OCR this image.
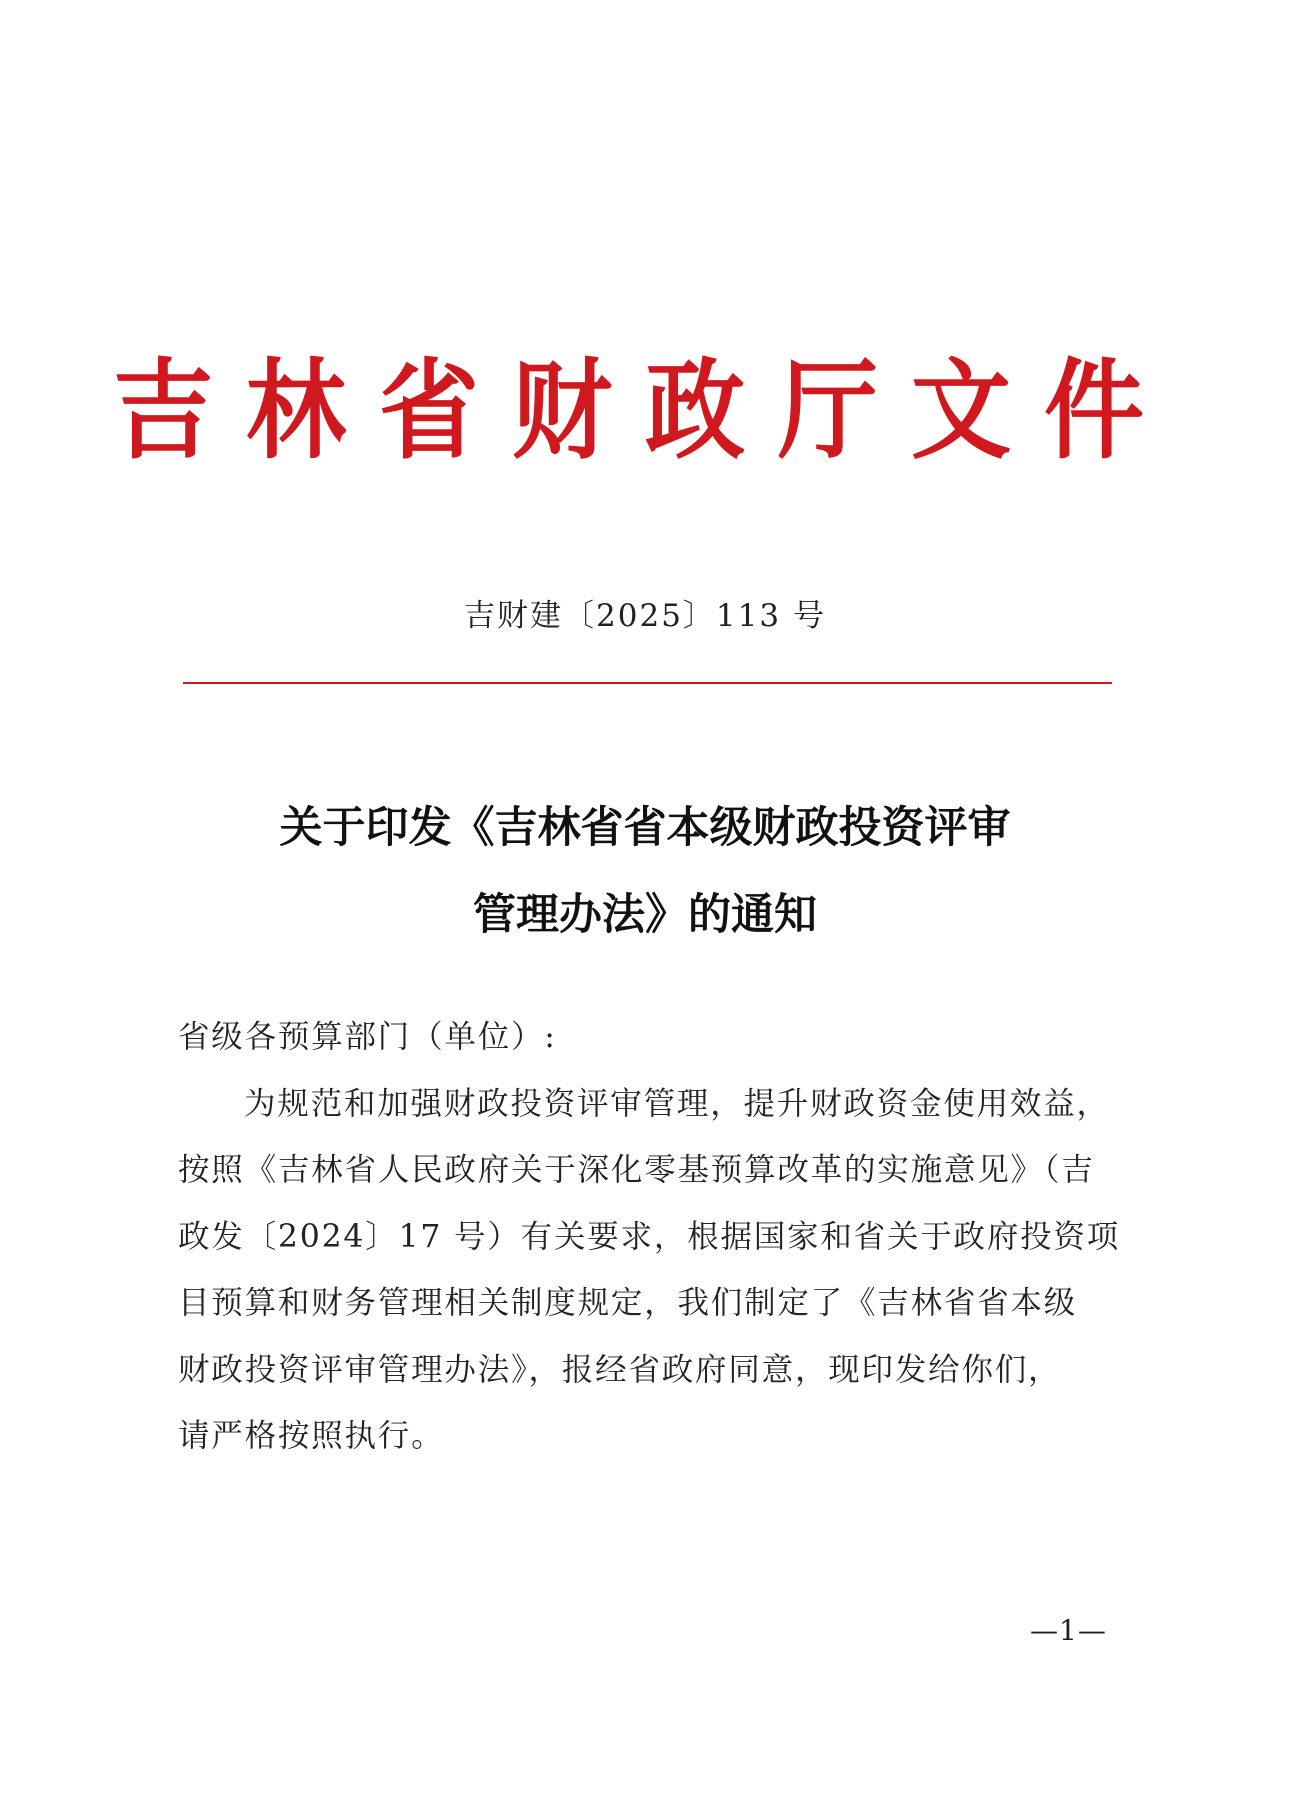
吉林省财政厅文件
吉财建〔2025〕113 号
关于印发《吉林省省本级财政投资评审
管理办法》的通知
省级各预算部门（单位）:
为规范和加强财政投资评审管理，提升财政资金使用效益，
按照《吉林省人民政府关于深化零基预算改革的实施意见》（吉
政发〔2024〕17 号）有关要求，根据国家和省关于政府投资项
目预算和财务管理相关制度规定，我们制定了《吉林省省本级
财政投资评审管理办法》，报经省政府同意，现印发给你们，
请严格按照执行。
—1—
